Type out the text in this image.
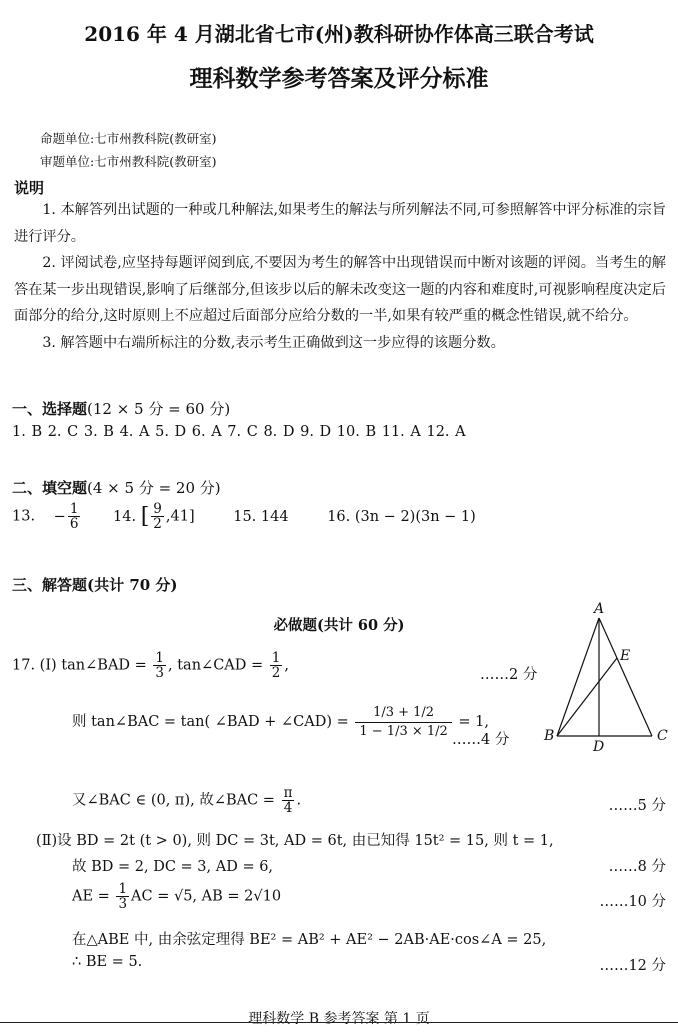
2016 年 4 月湖北省七市(州)教科研协作体高三联合考试
理科数学参考答案及评分标准
命题单位:七市州教科院(教研室)
审题单位:七市州教科院(教研室)
说明
1. 本解答列出试题的一种或几种解法,如果考生的解法与所列解法不同,可参照解答中评分标准的宗旨进行评分。
2. 评阅试卷,应坚持每题评阅到底,不要因为考生的解答中出现错误而中断对该题的评阅。当考生的解答在某一步出现错误,影响了后继部分,但该步以后的解未改变这一题的内容和难度时,可视影响程度决定后面部分的给分,这时原则上不应超过后面部分应给分数的一半,如果有较严重的概念性错误,就不给分。
3. 解答题中右端所标注的分数,表示考生正确做到这一步应得的该题分数。
一、选择题(12 × 5 分 = 60 分)
1. B 2. C 3. B 4. A 5. D 6. A 7. C 8. D 9. D 10. B 11. A 12. A
二、填空题(4 × 5 分 = 20 分)
13. − $\frac{1}{6} 14$. [ $\frac{9}{2} ,41$]	15. 144	16. (3n − 2)(3n − 1)
三、解答题(共计 70 分)
必做题(共计 60 分)
A
B	C
D
E
17. (Ⅰ) tan∠BAD = $\frac{1}{3}$ , tan∠CAD = $\frac{1}{2}$ ,
……2 分
则 tan∠BAC = tan( ∠BAD + ∠CAD) = $\frac{1/3 + 1/2}{1 - 1/3 \times 1/2} = 1$,
……4 分
又∠BAC ∈ (0, π), 故∠BAC = $\frac{\pi}{4}$ .	……5 分
(Ⅱ)设 BD = 2t (t > 0), 则 DC = 3t, AD = 6t, 由已知得 15t² = 15, 则 t = 1,
故 BD = 2, DC = 3, AD = 6,	……8 分
AE = $\frac{1}{3}$ AC = √5, AB = 2√10	……10 分
在△ABE 中, 由余弦定理得 BE² = AB² + AE² − 2AB·AE·cos∠A = 25,
∴ BE = 5.	……12 分
理科数学 B 参考答案 第 1 页
